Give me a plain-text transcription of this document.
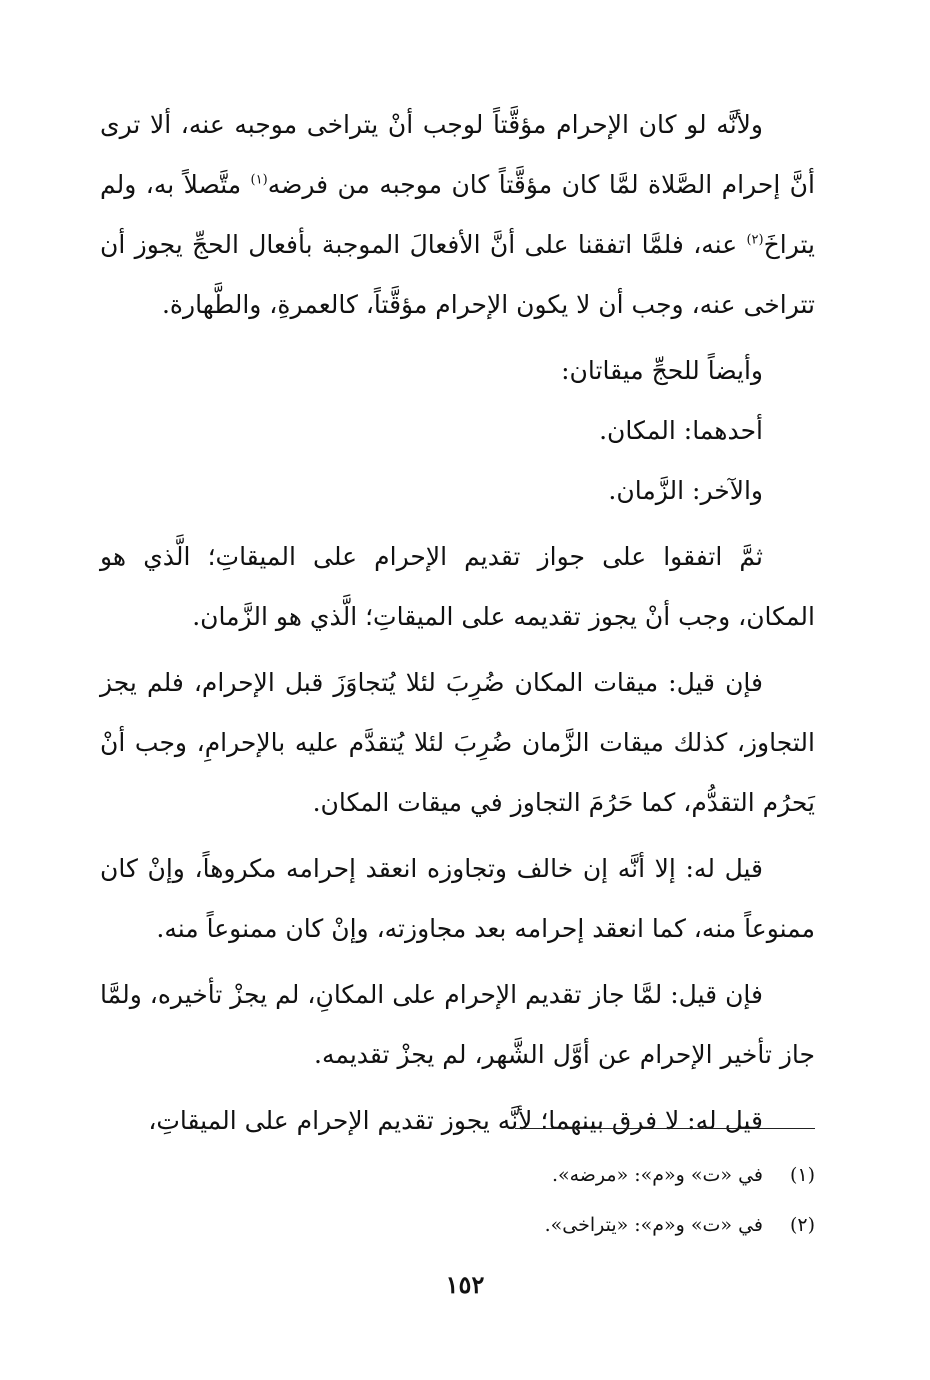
ولأنَّه لو كان الإحرام مؤقَّتاً لوجب أنْ يتراخى موجبه عنه، ألا ترى أنَّ إحرام الصَّلاة لمَّا كان مؤقَّتاً كان موجبه من فرضه$^{(١)}$ متَّصلاً به، ولم يتراخَ$^{(٢)}$ عنه، فلمَّا اتفقنا على أنَّ الأفعالَ الموجبة بأفعال الحجِّ يجوز أن تتراخى عنه، وجب أن لا يكون الإحرام مؤقَّتاً، كالعمرةِ، والطَّهارة.

وأيضاً للحجِّ ميقاتان:

أحدهما: المكان.

والآخر: الزَّمان.

ثمَّ اتفقوا على جواز تقديم الإحرام على الميقاتِ؛ الَّذي هو المكان، وجب أنْ يجوز تقديمه على الميقاتِ؛ الَّذي هو الزَّمان.

فإن قيل: ميقات المكان ضُرِبَ لئلا يُتجاوَزَ قبل الإحرام، فلم يجز التجاوز، كذلك ميقات الزَّمان ضُرِبَ لئلا يُتقدَّم عليه بالإحرامِ، وجب أنْ يَحرُم التقدُّم، كما حَرُمَ التجاوز في ميقات المكان.

قيل له: إلا أنَّه إن خالف وتجاوزه انعقد إحرامه مكروهاً، وإنْ كان ممنوعاً منه، كما انعقد إحرامه بعد مجاوزته، وإنْ كان ممنوعاً منه.

فإن قيل: لمَّا جاز تقديم الإحرام على المكانِ، لم يجزْ تأخيره، ولمَّا جاز تأخير الإحرام عن أوَّل الشَّهر، لم يجزْ تقديمه.

قيل له: لا فرق بينهما؛ لأنَّه يجوز تقديم الإحرام على الميقاتِ،

(١)في «ت» و«م»: «مرضه».

(٢)في «ت» و«م»: «يتراخى».

١٥٢
